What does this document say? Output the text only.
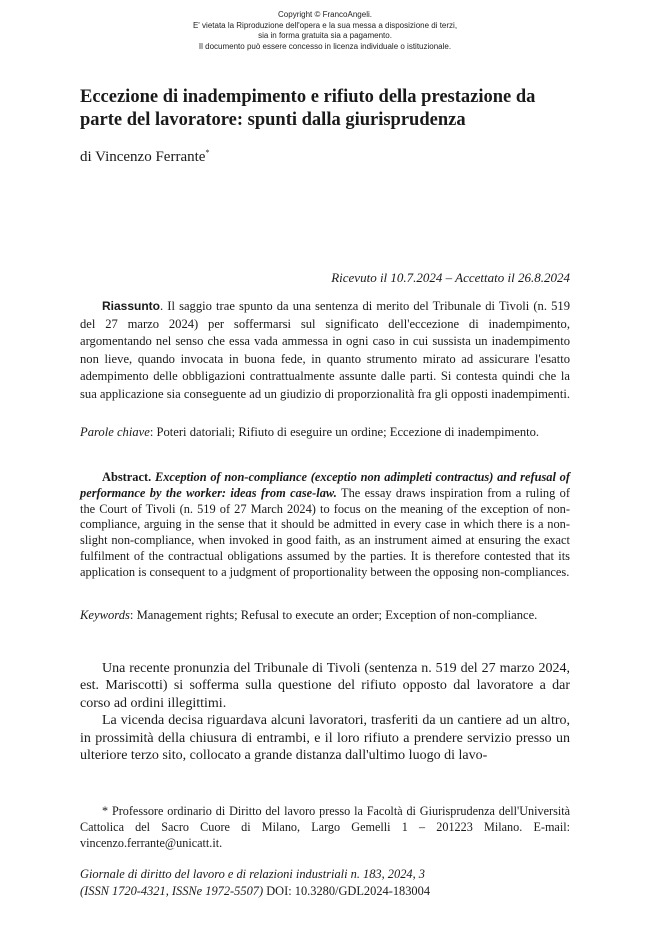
Copyright © FrancoAngeli.
E' vietata la Riproduzione dell'opera e la sua messa a disposizione di terzi,
sia in forma gratuita sia a pagamento.
Il documento può essere concesso in licenza individuale o istituzionale.
Eccezione di inadempimento e rifiuto della prestazione da parte del lavoratore: spunti dalla giurisprudenza

di Vincenzo Ferrante*

Ricevuto il 10.7.2024 – Accettato il 26.8.2024

Riassunto. Il saggio trae spunto da una sentenza di merito del Tribunale di Tivoli (n. 519 del 27 marzo 2024) per soffermarsi sul significato dell'eccezione di inadempimento, argomentando nel senso che essa vada ammessa in ogni caso in cui sussista un inadempimento non lieve, quando invocata in buona fede, in quanto strumento mirato ad assicurare l'esatto adempimento delle obbligazioni contrattualmente assunte dalle parti. Si contesta quindi che la sua applicazione sia conseguente ad un giudizio di proporzionalità fra gli opposti inadempimenti.

Parole chiave: Poteri datoriali; Rifiuto di eseguire un ordine; Eccezione di inadempimento.

Abstract. Exception of non-compliance (exceptio non adimpleti contractus) and refusal of performance by the worker: ideas from case-law. The essay draws inspiration from a ruling of the Court of Tivoli (n. 519 of 27 March 2024) to focus on the meaning of the exception of non-compliance, arguing in the sense that it should be admitted in every case in which there is a non-slight non-compliance, when invoked in good faith, as an instrument aimed at ensuring the exact fulfilment of the contractual obligations assumed by the parties. It is therefore contested that its application is consequent to a judgment of proportionality between the opposing non-compliances.

Keywords: Management rights; Refusal to execute an order; Exception of non-compliance.

Una recente pronunzia del Tribunale di Tivoli (sentenza n. 519 del 27 marzo 2024, est. Mariscotti) si sofferma sulla questione del rifiuto opposto dal lavoratore a dar corso ad ordini illegittimi.

La vicenda decisa riguardava alcuni lavoratori, trasferiti da un cantiere ad un altro, in prossimità della chiusura di entrambi, e il loro rifiuto a prendere servizio presso un ulteriore terzo sito, collocato a grande distanza dall'ultimo luogo di lavo-

* Professore ordinario di Diritto del lavoro presso la Facoltà di Giurisprudenza dell'Università Cattolica del Sacro Cuore di Milano, Largo Gemelli 1 – 201223 Milano. E-mail: vincenzo.ferrante@unicatt.it.

Giornale di diritto del lavoro e di relazioni industriali n. 183, 2024, 3
(ISSN 1720-4321, ISSNe 1972-5507) DOI: 10.3280/GDL2024-183004
